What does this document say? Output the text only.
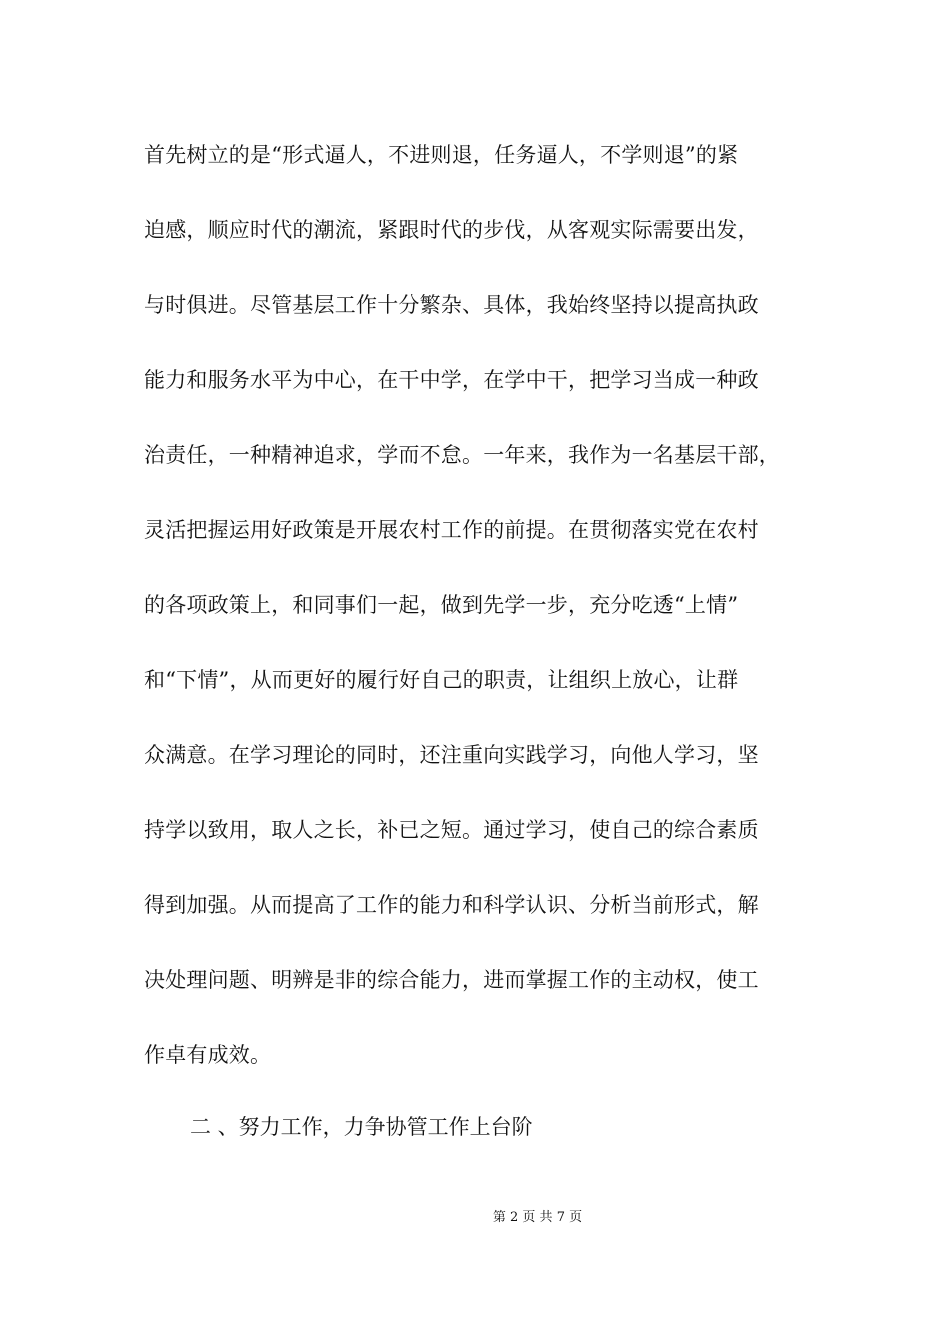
首先树立的是“形式逼人，不进则退，任务逼人，不学则退”的紧
迫感，顺应时代的潮流，紧跟时代的步伐，从客观实际需要出发，
与时俱进。尽管基层工作十分繁杂、具体，我始终坚持以提高执政
能力和服务水平为中心，在干中学，在学中干，把学习当成一种政
治责任，一种精神追求，学而不怠。一年来，我作为一名基层干部，
灵活把握运用好政策是开展农村工作的前提。在贯彻落实党在农村
的各项政策上，和同事们一起，做到先学一步，充分吃透“上情”
和“下情”，从而更好的履行好自己的职责，让组织上放心，让群
众满意。在学习理论的同时，还注重向实践学习，向他人学习，坚
持学以致用，取人之长，补已之短。通过学习，使自己的综合素质
得到加强。从而提高了工作的能力和科学认识、分析当前形式，解
决处理问题、明辨是非的综合能力，进而掌握工作的主动权，使工
作卓有成效。
二 、努力工作，力争协管工作上台阶
第 2 页 共 7 页
